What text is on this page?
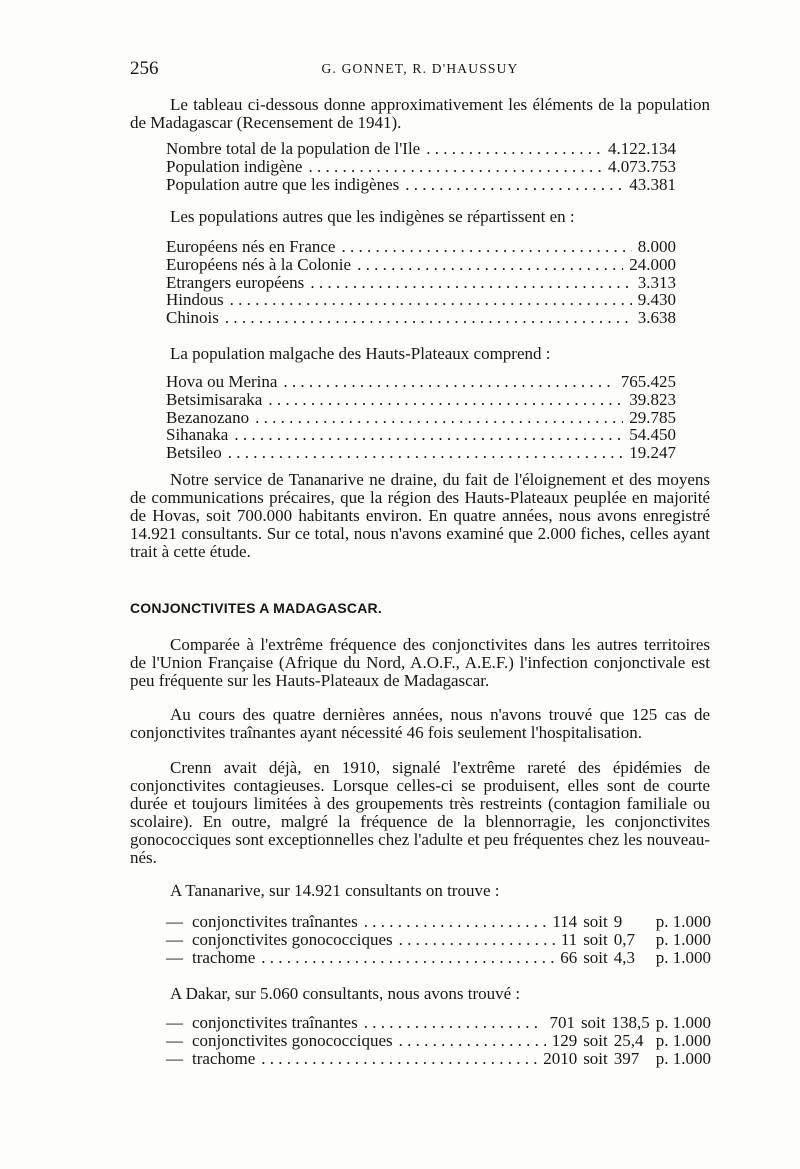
256	G. GONNET, R. D'HAUSSUY

Le tableau ci-dessous donne approximativement les éléments de la population de Madagascar (Recensement de 1941).

Nombre total de la population de l'Ile . . .	4.122.134
Population indigène . . .	4.073.753
Population autre que les indigènes . . .	43.381

Les populations autres que les indigènes se répartissent en :

Européens nés en France . . .	8.000
Européens nés à la Colonie . . .	24.000
Etrangers européens . . .	3.313
Hindous . . .	9.430
Chinois . . .	3.638

La population malgache des Hauts-Plateaux comprend :

Hova ou Merina . . .	765.425
Betsimisaraka . . .	39.823
Bezanozano . . .	29.785
Sihanaka . . .	54.450
Betsileo . . .	19.247

Notre service de Tananarive ne draine, du fait de l'éloignement et des moyens de communications précaires, que la région des Hauts-Plateaux peuplée en majorité de Hovas, soit 700.000 habitants environ. En quatre années, nous avons enregistré 14.921 consultants. Sur ce total, nous n'avons examiné que 2.000 fiches, celles ayant trait à cette étude.

CONJONCTIVITES A MADAGASCAR.

Comparée à l'extrême fréquence des conjonctivites dans les autres territoires de l'Union Française (Afrique du Nord, A.O.F., A.E.F.) l'infection conjonctivale est peu fréquente sur les Hauts-Plateaux de Madagascar.

Au cours des quatre dernières années, nous n'avons trouvé que 125 cas de conjonctivites traînantes ayant nécessité 46 fois seulement l'hospitalisation.

Crenn avait déjà, en 1910, signalé l'extrême rareté des épidémies de conjonctivites contagieuses. Lorsque celles-ci se produisent, elles sont de courte durée et toujours limitées à des groupements très restreints (contagion familiale ou scolaire). En outre, malgré la fréquence de la blennorragie, les conjonctivites gonococciques sont exceptionnelles chez l'adulte et peu fréquentes chez les nouveau-nés.

A Tananarive, sur 14.921 consultants on trouve :

— conjonctivites traînantes . . .	114 soit 9	p. 1.000
— conjonctivites gonococciques . . .	11 soit 0,7	p. 1.000
— trachome . . .	66 soit 4,3	p. 1.000

A Dakar, sur 5.060 consultants, nous avons trouvé :

— conjonctivites traînantes . . .	701 soit 138,5 p. 1.000
— conjonctivites gonococciques . . .	129 soit 25,4 p. 1.000
— trachome . . .	2010 soit 397 p. 1.000
